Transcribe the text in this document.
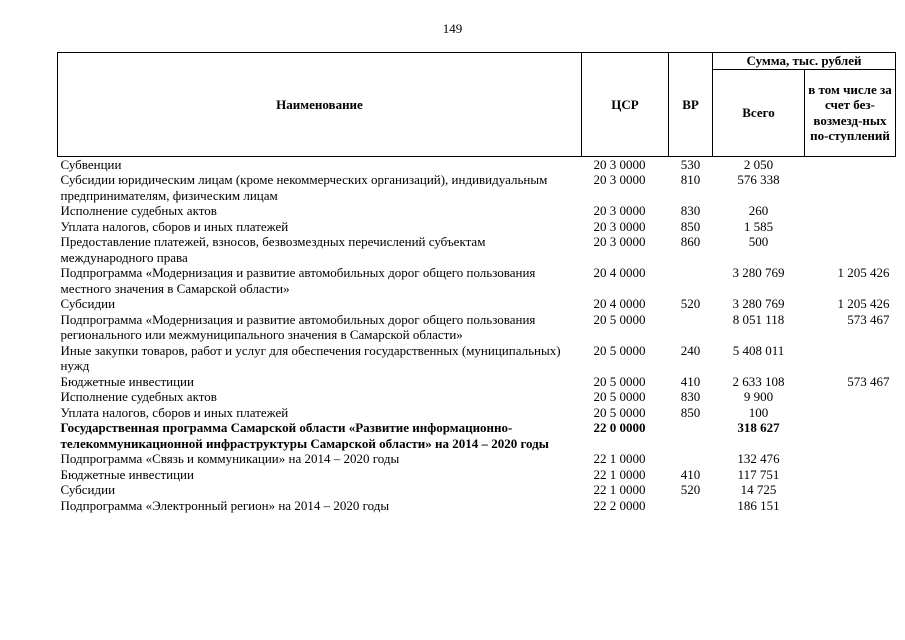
149
Наименование	ЦСР	ВР	Сумма, тыс. рублей	
			Всего	в том числе за счет без-возмезд-ных по-ступлений
Субвенции	20 3 0000	530	2 050	
Субсидии юридическим лицам (кроме некоммерческих организаций), индивидуальным предпринимателям, физическим лицам	20 3 0000	810	576 338	
Исполнение судебных актов	20 3 0000	830	260	
Уплата налогов, сборов и иных платежей	20 3 0000	850	1 585	
Предоставление платежей, взносов, безвозмездных перечислений субъектам международного права	20 3 0000	860	500	
Подпрограмма «Модернизация и развитие автомобильных дорог общего пользования местного значения в Самарской области»	20 4 0000		3 280 769	1 205 426
Субсидии	20 4 0000	520	3 280 769	1 205 426
Подпрограмма «Модернизация и развитие автомобильных дорог общего пользования регионального или межмуниципального значения в Самарской области»	20 5 0000		8 051 118	573 467
Иные закупки товаров, работ и услуг для обеспечения государственных (муниципальных) нужд	20 5 0000	240	5 408 011	
Бюджетные инвестиции	20 5 0000	410	2 633 108	573 467
Исполнение судебных актов	20 5 0000	830	9 900	
Уплата налогов, сборов и иных платежей	20 5 0000	850	100	
Государственная программа Самарской области «Развитие информационно-телекоммуникационной инфраструктуры Самарской области» на 2014 – 2020 годы	22 0 0000		318 627	
Подпрограмма «Связь и коммуникации» на 2014 – 2020 годы	22 1 0000		132 476	
Бюджетные инвестиции	22 1 0000	410	117 751	
Субсидии	22 1 0000	520	14 725	
Подпрограмма «Электронный регион» на 2014 – 2020 годы	22 2 0000		186 151	
